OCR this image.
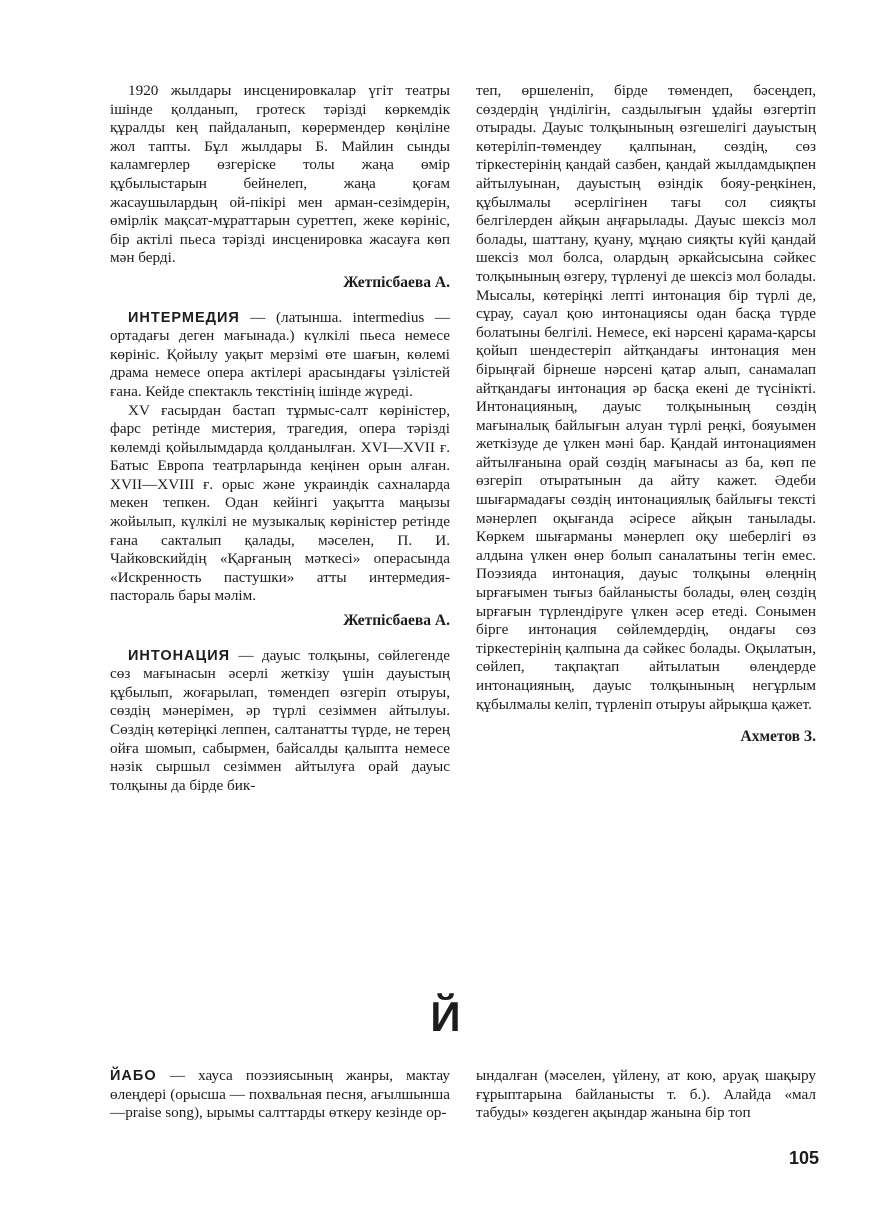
1920 жылдары инсценировкалар үгіт театры ішінде қолданып, гротеск тәрізді көркемдік құралды кең пайдаланып, көрермендер көңіліне жол тапты. Бұл жылдары Б. Майлин сынды каламгерлер өзгеріске толы жаңа өмір құбылыстарын бейнелеп, жаңа қоғам жасаушылардың ой-пікірі мен арман-сезімдерін, өмірлік мақсат-мұраттарын суреттеп, жеке көрініс, бір актілі пьеса тәрізді инсценировка жасауға көп мән берді.

Жетпісбаева А.

ИНТЕРМЕДИЯ — (латынша. intermedius — ортадағы деген мағынада.) күлкілі пьеса немесе көрініс. Қойылу уақыт мерзімі өте шағын, көлемі драма немесе опера актілері арасындағы үзілістей ғана. Кейде спектакль текстінің ішінде жүреді.

XV ғасырдан бастап тұрмыс-салт көріністер, фарс ретінде мистерия, трагедия, опера тәрізді көлемді қойылымдарда қолданылған. XVI—XVII ғ. Батыс Европа театрларында кеңінен орын алған. XVII—XVIII ғ. орыс және украиндік сахналарда мекен тепкен. Одан кейінгі уақытта маңызы жойылып, күлкілі не музыкалық көріністер ретінде ғана сакталып қалады, мәселен, П. И. Чайковскийдің «Қарғаның мәткесі» операсында «Искренность пастушки» атты интермедия-пастораль бары мәлім.

Жетпісбаева А.

ИНТОНАЦИЯ — дауыс толқыны, сөйлегенде сөз мағынасын әсерлі жеткізу үшін дауыстың құбылып, жоғарылап, төмендеп өзгеріп отыруы, сөздің мәнерімен, әр түрлі сезіммен айтылуы. Сөздің көтеріңкі леппен, салтанатты түрде, не терең ойға шомып, сабырмен, байсалды қалыпта немесе нәзік сыршыл сезіммен айтылуға орай дауыс толқыны да бірде бик-

теп, өршеленіп, бірде төмендеп, бәсеңдеп, сөздердің үнділігін, саздылығын ұдайы өзгертіп отырады. Дауыс толқынының өзгешелігі дауыстың көтеріліп-төмендеу қалпынан, сөздің, сөз тіркестерінің қандай сазбен, қандай жылдамдықпен айтылуынан, дауыстың өзіндік бояу-реңкінен, құбылмалы әсерлігінен тағы сол сияқты белгілерден айқын аңғарылады. Дауыс шексіз мол болады, шаттану, қуану, мұңаю сияқты күйі қандай шексіз мол болса, олардың әркайсысына сәйкес толқынының өзгеру, түрленуі де шексіз мол болады. Мысалы, көтеріңкі лепті интонация бір түрлі де, сұрау, сауал қою интонациясы одан басқа түрде болатыны белгілі. Немесе, екі нәрсені қарама-қарсы қойып шендестеріп айтқандағы интонация мен бірыңғай бірнеше нәрсені қатар алып, санамалап айтқандағы интонация әр басқа екені де түсінікті. Интонацияның, дауыс толқынының сөздің мағыналық байлығын алуан түрлі реңкі, бояуымен жеткізуде де үлкен мәні бар. Қандай интонациямен айтылғанына орай сөздің мағынасы аз ба, көп пе өзгеріп отыратынын да айту кажет. Әдеби шығармадағы сөздің интонациялық байлығы тексті мәнерлеп оқығанда әсіресе айқын танылады. Көркем шығарманы мәнерлеп оқу шеберлігі өз алдына үлкен өнер болып саналатыны тегін емес. Поэзияда интонация, дауыс толқыны өлеңнің ырғағымен тығыз байланысты болады, өлең сөздің ырғағын түрлендіруге үлкен әсер етеді. Сонымен бірге интонация сөйлемдердің, ондағы сөз тіркестерінің қалпына да сәйкес болады. Оқылатын, сөйлеп, тақпақтап айтылатын өлеңдерде интонацияның, дауыс толқынының негұрлым құбылмалы келіп, түрленіп отыруы айрықша қажет.

Ахметов З.
Й

ЙАБО — хауса поэзиясының жанры, мактау өлеңдері (орысша — похвальная песня, ағылшынша—praise song), ырымы салттарды өткеру кезінде ор-

ындалған (мәселен, үйлену, ат кою, аруақ шақыру ғұрыптарына байланысты т. б.). Алайда «мал табуды» көздеген ақындар жанына бір топ

105
